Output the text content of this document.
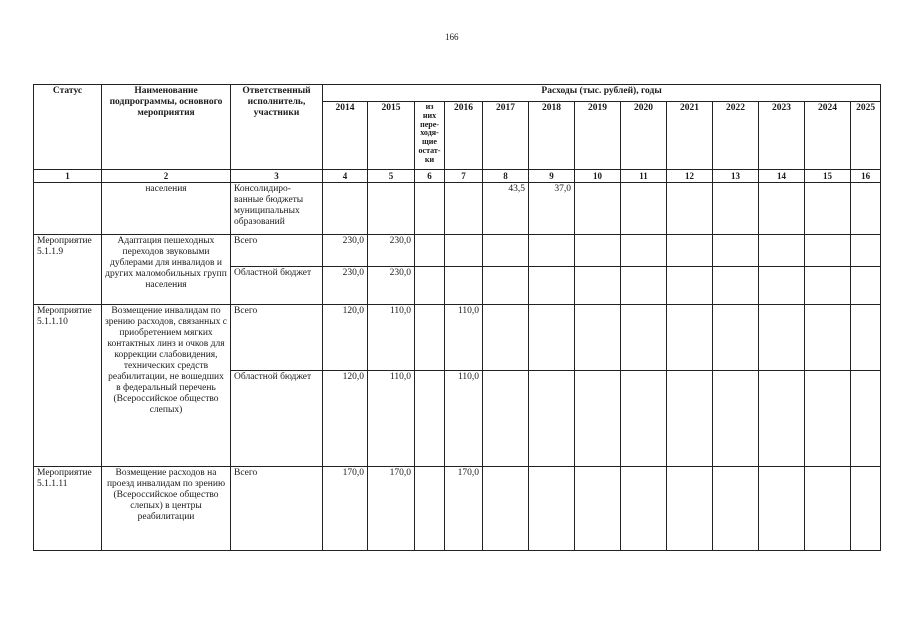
166
Статус	Наименование подпрограммы, основного мероприятия	Ответственный исполнитель, участники	Расходы (тыс. рублей), годы												
			2014	2015	из них пере-ходя-щие остат-ки	2016	2017	2018	2019	2020	2021	2022	2023	2024	2025
1	2	3	4	5	6	7	8	9	10	11	12	13	14	15	16
	населения	Консолидиро-ванные бюджеты муниципальных образований					43,5	37,0							
Мероприятие 5.1.1.9	Адаптация пешеходных переходов звуковыми дублерами для инвалидов и других маломобильных групп населения	Всего	230,0	230,0											
		Областной бюджет	230,0	230,0											
Мероприятие 5.1.1.10	Возмещение инвалидам по зрению расходов, связанных с приобретением мягких контактных линз и очков для коррекции слабовидения, технических средств реабилитации, не вошедших в федеральный перечень (Всероссийское общество слепых)	Всего	120,0	110,0		110,0									
		Областной бюджет	120,0	110,0		110,0									
Мероприятие 5.1.1.11	Возмещение расходов на проезд инвалидам по зрению (Всероссийское общество слепых) в центры реабилитации	Всего	170,0	170,0		170,0									
